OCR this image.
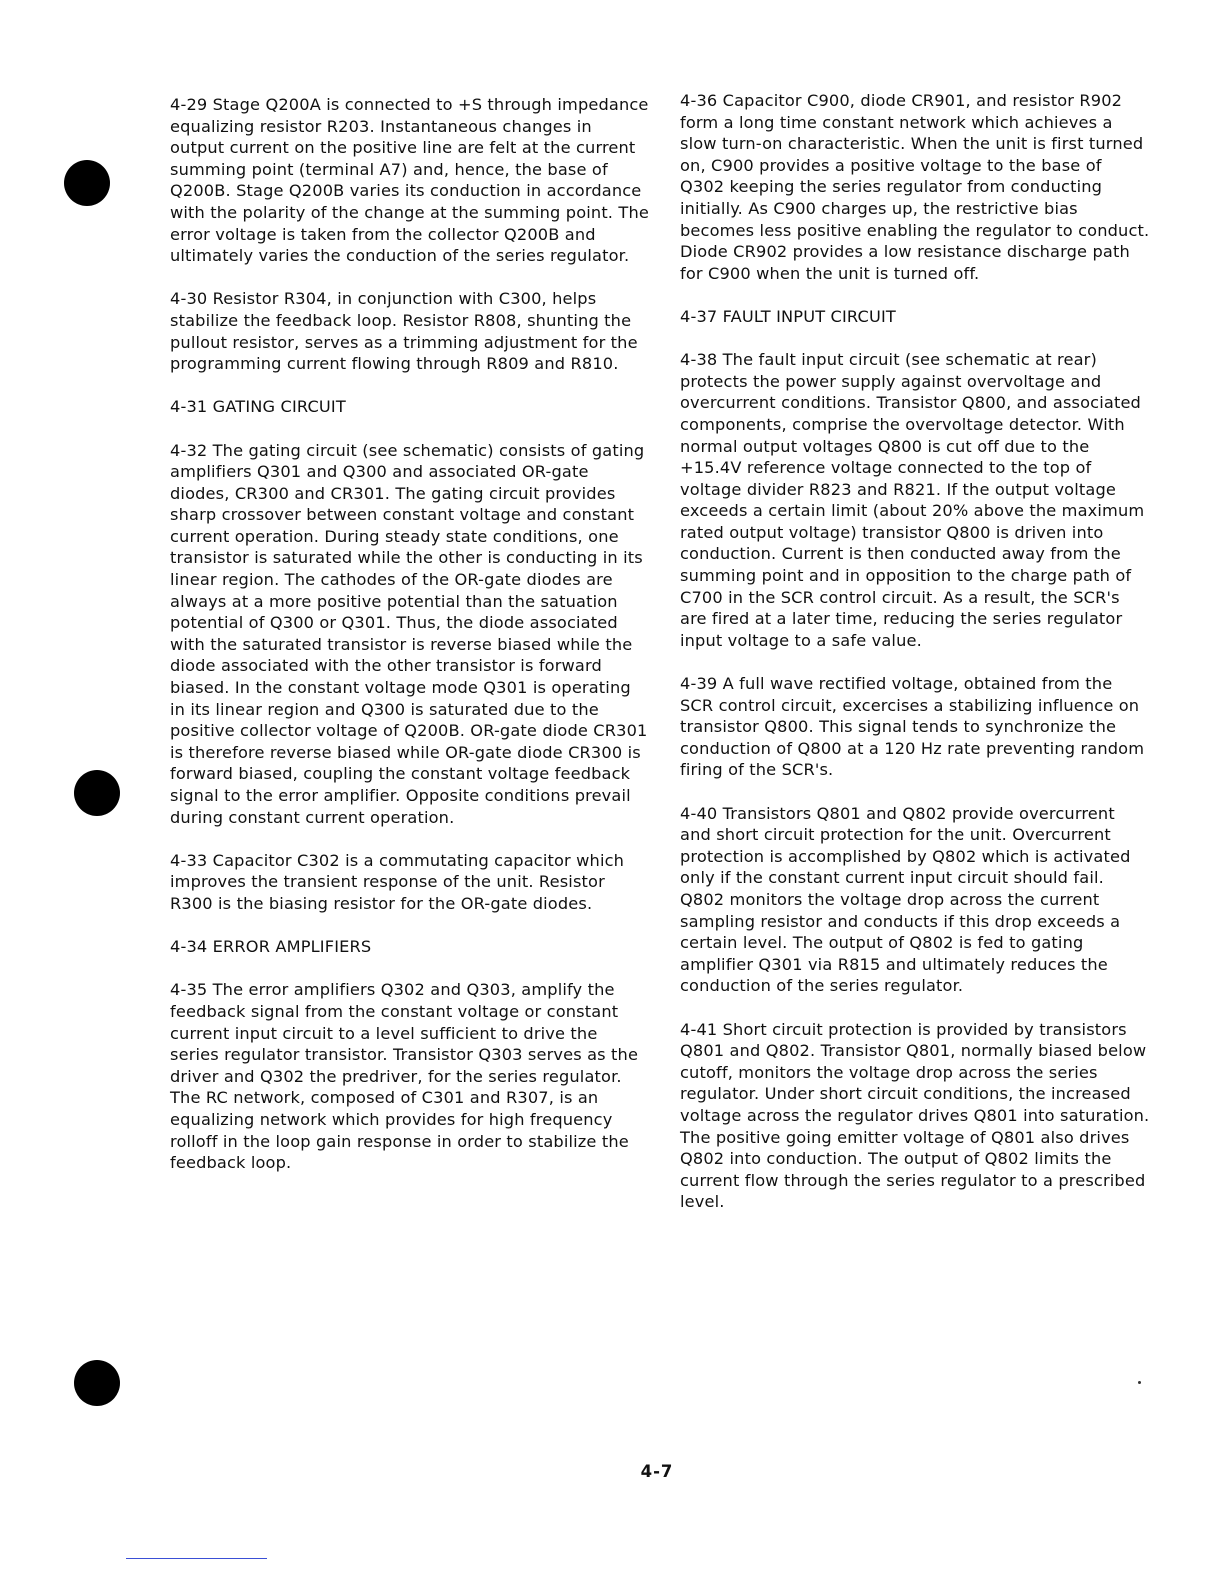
4-29 Stage Q200A is connected to +S through impedance equalizing resistor R203. Instantaneous changes in output current on the positive line are felt at the current summing point (terminal A7) and, hence, the base of Q200B. Stage Q200B varies its conduction in accordance with the polarity of the change at the summing point. The error voltage is taken from the collector Q200B and ultimately varies the conduction of the series regulator.

4-30 Resistor R304, in conjunction with C300, helps stabilize the feedback loop. Resistor R808, shunting the pullout resistor, serves as a trimming adjustment for the programming current flowing through R809 and R810.

4-31 GATING CIRCUIT

4-32 The gating circuit (see schematic) consists of gating amplifiers Q301 and Q300 and associated OR-gate diodes, CR300 and CR301. The gating circuit provides sharp crossover between constant voltage and constant current operation. During steady state conditions, one transistor is saturated while the other is conducting in its linear region. The cathodes of the OR-gate diodes are always at a more positive potential than the satuation potential of Q300 or Q301. Thus, the diode associated with the saturated transistor is reverse biased while the diode associated with the other transistor is forward biased. In the constant voltage mode Q301 is operating in its linear region and Q300 is saturated due to the positive collector voltage of Q200B. OR-gate diode CR301 is therefore reverse biased while OR-gate diode CR300 is forward biased, coupling the constant voltage feedback signal to the error amplifier. Opposite conditions prevail during constant current operation.

4-33 Capacitor C302 is a commutating capacitor which improves the transient response of the unit. Resistor R300 is the biasing resistor for the OR-gate diodes.

4-34 ERROR AMPLIFIERS

4-35 The error amplifiers Q302 and Q303, amplify the feedback signal from the constant voltage or constant current input circuit to a level sufficient to drive the series regulator transistor. Transistor Q303 serves as the driver and Q302 the predriver, for the series regulator. The RC network, composed of C301 and R307, is an equalizing network which provides for high frequency rolloff in the loop gain response in order to stabilize the feedback loop.

4-36 Capacitor C900, diode CR901, and resistor R902 form a long time constant network which achieves a slow turn-on characteristic. When the unit is first turned on, C900 provides a positive voltage to the base of Q302 keeping the series regulator from conducting initially. As C900 charges up, the restrictive bias becomes less positive enabling the regulator to conduct. Diode CR902 provides a low resistance discharge path for C900 when the unit is turned off.

4-37 FAULT INPUT CIRCUIT

4-38 The fault input circuit (see schematic at rear) protects the power supply against overvoltage and overcurrent conditions. Transistor Q800, and associated components, comprise the overvoltage detector. With normal output voltages Q800 is cut off due to the +15.4V reference voltage connected to the top of voltage divider R823 and R821. If the output voltage exceeds a certain limit (about 20% above the maximum rated output voltage) transistor Q800 is driven into conduction. Current is then conducted away from the summing point and in opposition to the charge path of C700 in the SCR control circuit. As a result, the SCR's are fired at a later time, reducing the series regulator input voltage to a safe value.

4-39 A full wave rectified voltage, obtained from the SCR control circuit, excercises a stabilizing influence on transistor Q800. This signal tends to synchronize the conduction of Q800 at a 120 Hz rate preventing random firing of the SCR's.

4-40 Transistors Q801 and Q802 provide overcurrent and short circuit protection for the unit. Overcurrent protection is accomplished by Q802 which is activated only if the constant current input circuit should fail. Q802 monitors the voltage drop across the current sampling resistor and conducts if this drop exceeds a certain level. The output of Q802 is fed to gating amplifier Q301 via R815 and ultimately reduces the conduction of the series regulator.

4-41 Short circuit protection is provided by transistors Q801 and Q802. Transistor Q801, normally biased below cutoff, monitors the voltage drop across the series regulator. Under short circuit conditions, the increased voltage across the regulator drives Q801 into saturation. The positive going emitter voltage of Q801 also drives Q802 into conduction. The output of Q802 limits the current flow through the series regulator to a prescribed level.

4-7
